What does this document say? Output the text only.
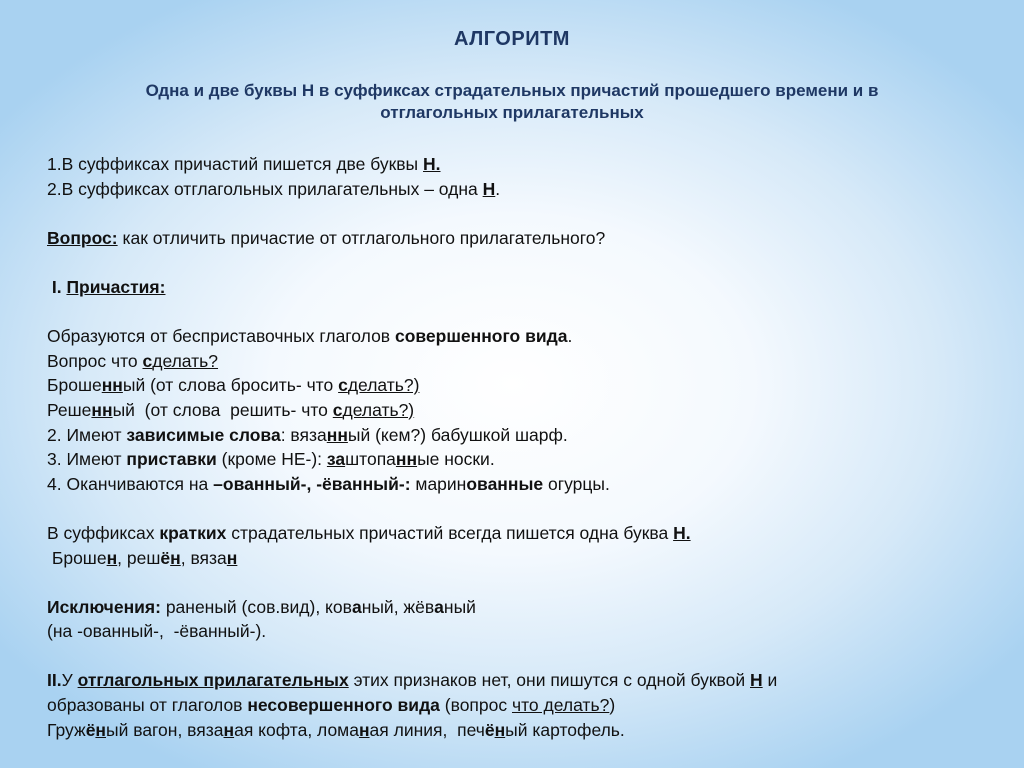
АЛГОРИТМ
Одна и две буквы Н в суффиксах страдательных причастий прошедшего времени и в
отглагольных прилагательных
1.В суффиксах причастий пишется две буквы Н.
2.В суффиксах отглагольных прилагательных – одна Н.
Вопрос: как отличить причастие от отглагольного прилагательного?
I. Причастия:
Образуются от бесприставочных глаголов совершенного вида.
Вопрос что сделать?
Брошенный (от слова бросить- что сделать?)
Решенный  (от слова  решить- что сделать?)
2. Имеют зависимые слова: вязанный (кем?) бабушкой шарф.
3. Имеют приставки (кроме НЕ-): заштопанные носки.
4. Оканчиваются на –ованный-, -ёванный-: маринованные огурцы.
В суффиксах кратких страдательных причастий всегда пишется одна буква Н.
Брошен, решён, вязан
Исключения: раненый (сов.вид), кованый, жёваный
(на -ованный-,  -ёванный-).
II.У отглагольных прилагательных этих признаков нет, они пишутся с одной буквой Н и
образованы от глаголов несовершенного вида (вопрос что делать?)
Гружёный вагон, вязаная кофта, ломаная линия,  печёный картофель.
